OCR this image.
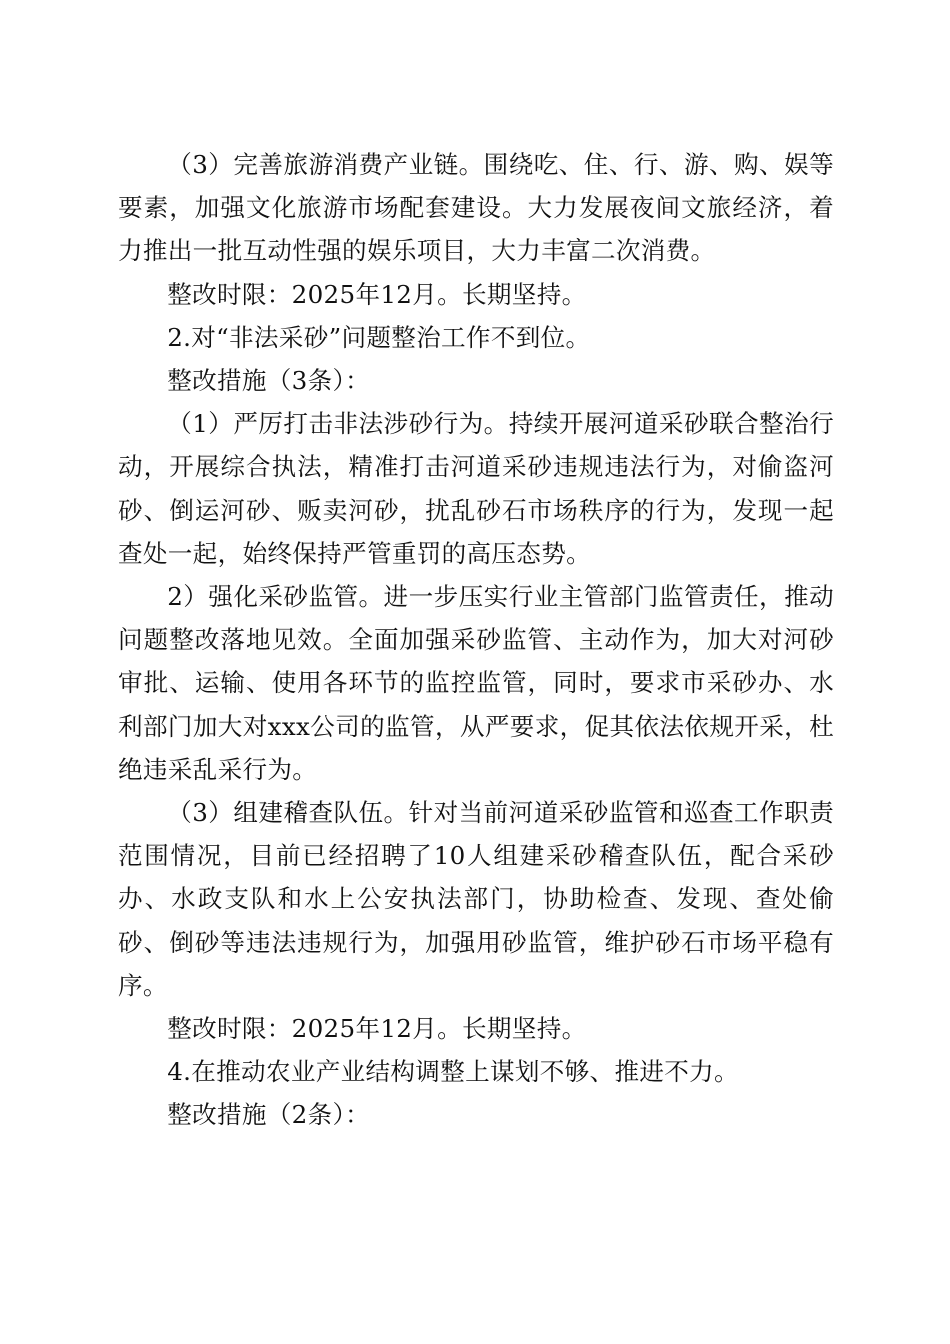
（3）完善旅游消费产业链。围绕吃、住、行、游、购、娱等要素，加强文化旅游市场配套建设。大力发展夜间文旅经济，着力推出一批互动性强的娱乐项目，大力丰富二次消费。

整改时限：2025年12月。长期坚持。

2.对“非法采砂”问题整治工作不到位。

整改措施（3条）：

（1）严厉打击非法涉砂行为。持续开展河道采砂联合整治行动，开展综合执法，精准打击河道采砂违规违法行为，对偷盗河砂、倒运河砂、贩卖河砂，扰乱砂石市场秩序的行为，发现一起查处一起，始终保持严管重罚的高压态势。

2）强化采砂监管。进一步压实行业主管部门监管责任，推动问题整改落地见效。全面加强采砂监管、主动作为，加大对河砂审批、运输、使用各环节的监控监管，同时，要求市采砂办、水利部门加大对xxx公司的监管，从严要求，促其依法依规开采，杜绝违采乱采行为。

（3）组建稽查队伍。针对当前河道采砂监管和巡查工作职责范围情况，目前已经招聘了10人组建采砂稽查队伍，配合采砂办、水政支队和水上公安执法部门，协助检查、发现、查处偷砂、倒砂等违法违规行为，加强用砂监管，维护砂石市场平稳有序。

整改时限：2025年12月。长期坚持。

4.在推动农业产业结构调整上谋划不够、推进不力。

整改措施（2条）：
